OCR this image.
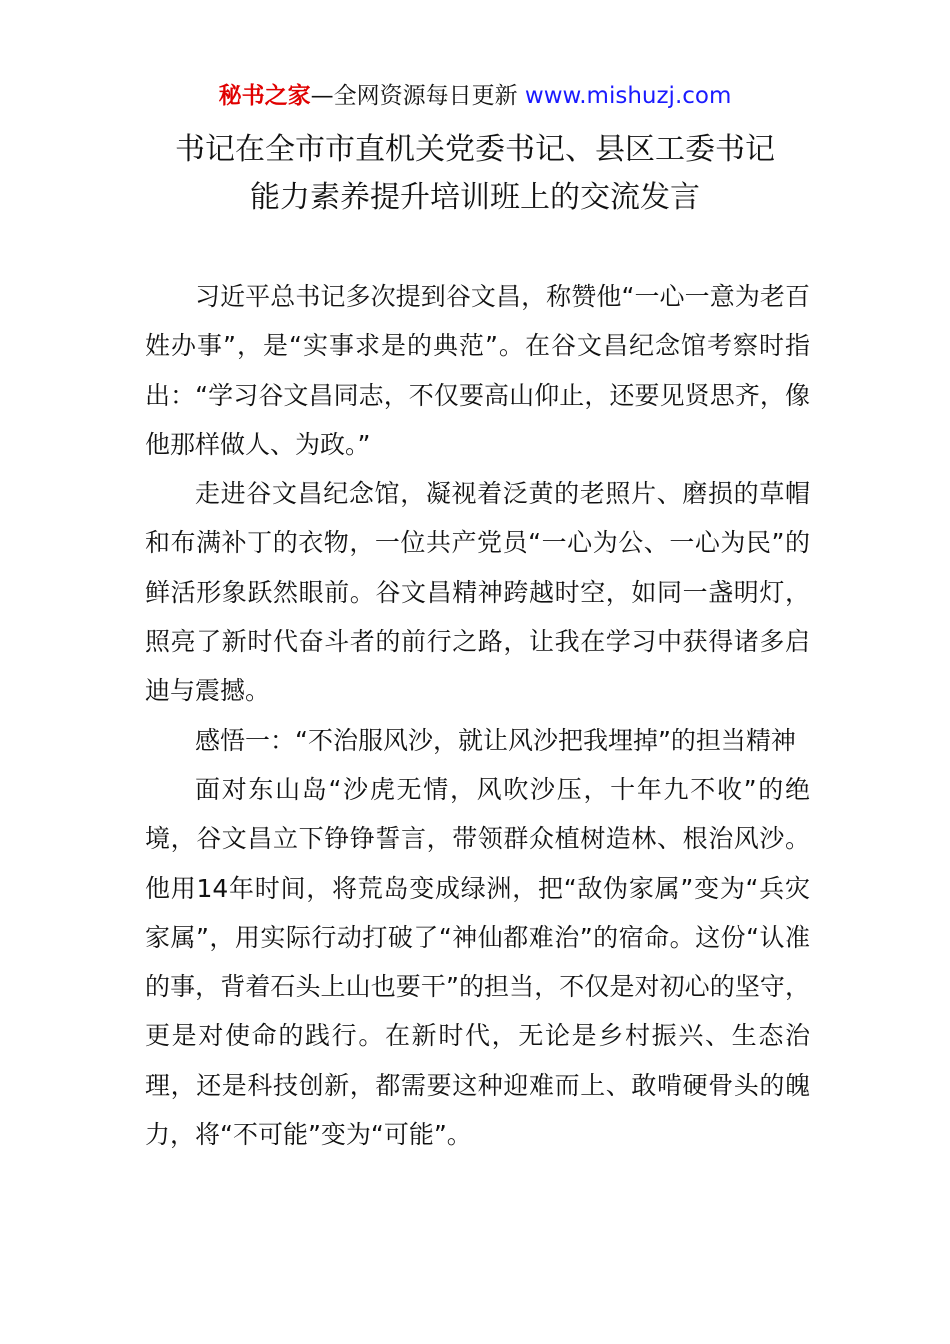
秘书之家—全网资源每日更新 www.mishuzj.com
书记在全市市直机关党委书记、县区工委书记
能力素养提升培训班上的交流发言

习近平总书记多次提到谷文昌，称赞他“一心一意为老百姓办事”，是“实事求是的典范”。在谷文昌纪念馆考察时指出：“学习谷文昌同志，不仅要高山仰止，还要见贤思齐，像他那样做人、为政。”

走进谷文昌纪念馆，凝视着泛黄的老照片、磨损的草帽和布满补丁的衣物，一位共产党员“一心为公、一心为民”的鲜活形象跃然眼前。谷文昌精神跨越时空，如同一盏明灯，照亮了新时代奋斗者的前行之路，让我在学习中获得诸多启迪与震撼。

感悟一：“不治服风沙，就让风沙把我埋掉”的担当精神

面对东山岛“沙虎无情，风吹沙压，十年九不收”的绝境，谷文昌立下铮铮誓言，带领群众植树造林、根治风沙。他用14年时间，将荒岛变成绿洲，把“敌伪家属”变为“兵灾家属”，用实际行动打破了“神仙都难治”的宿命。这份“认准的事，背着石头上山也要干”的担当，不仅是对初心的坚守，更是对使命的践行。在新时代，无论是乡村振兴、生态治理，还是科技创新，都需要这种迎难而上、敢啃硬骨头的魄力，将“不可能”变为“可能”。
